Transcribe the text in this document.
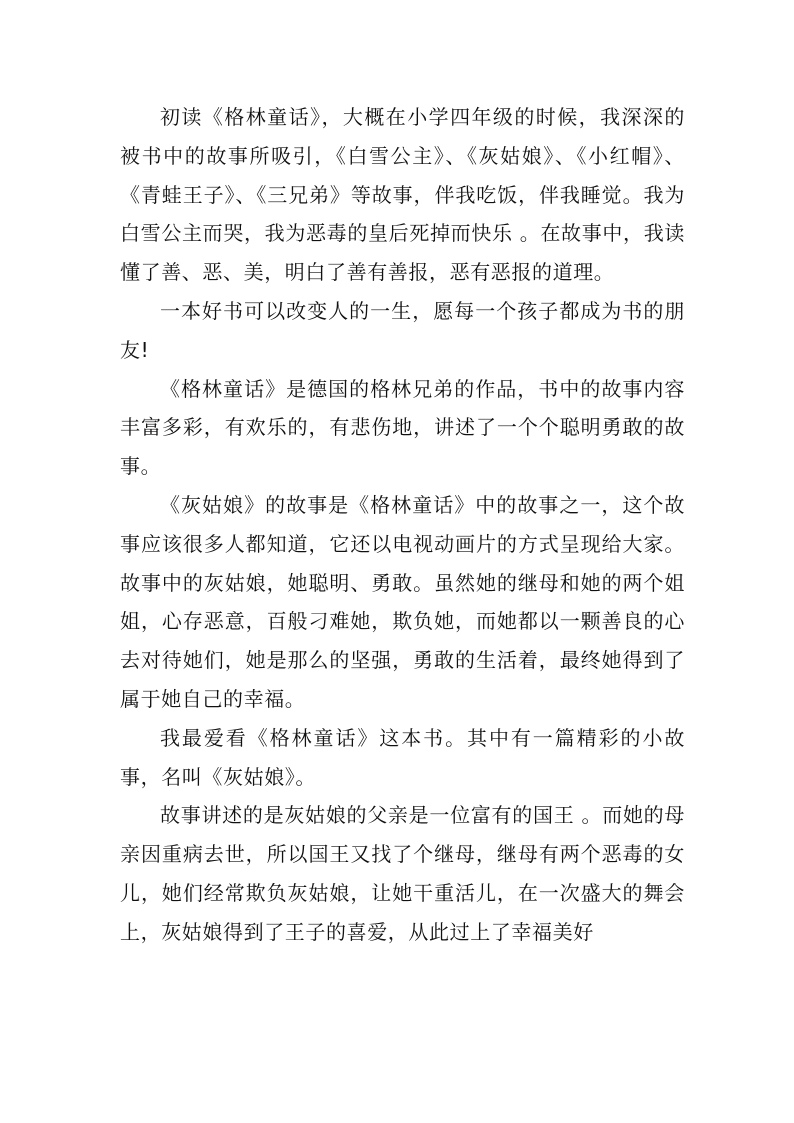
初读《格林童话》，大概在小学四年级的时候，我深深的被书中的故事所吸引，《白雪公主》、《灰姑娘》、《小红帽》、《青蛙王子》、《三兄弟》等故事，伴我吃饭，伴我睡觉。我为白雪公主而哭，我为恶毒的皇后死掉而快乐 。在故事中，我读懂了善、恶、美，明白了善有善报，恶有恶报的道理。

一本好书可以改变人的一生，愿每一个孩子都成为书的朋友!

《格林童话》是德国的格林兄弟的作品，书中的故事内容丰富多彩，有欢乐的，有悲伤地，讲述了一个个聪明勇敢的故事。

《灰姑娘》的故事是《格林童话》中的故事之一，这个故事应该很多人都知道，它还以电视动画片的方式呈现给大家。故事中的灰姑娘，她聪明、勇敢。虽然她的继母和她的两个姐姐，心存恶意，百般刁难她，欺负她，而她都以一颗善良的心去对待她们，她是那么的坚强，勇敢的生活着，最终她得到了属于她自己的幸福。

我最爱看《格林童话》这本书。其中有一篇精彩的小故事，名叫《灰姑娘》。

故事讲述的是灰姑娘的父亲是一位富有的国王 。而她的母亲因重病去世，所以国王又找了个继母，继母有两个恶毒的女儿，她们经常欺负灰姑娘，让她干重活儿，在一次盛大的舞会上，灰姑娘得到了王子的喜爱，从此过上了幸福美好
